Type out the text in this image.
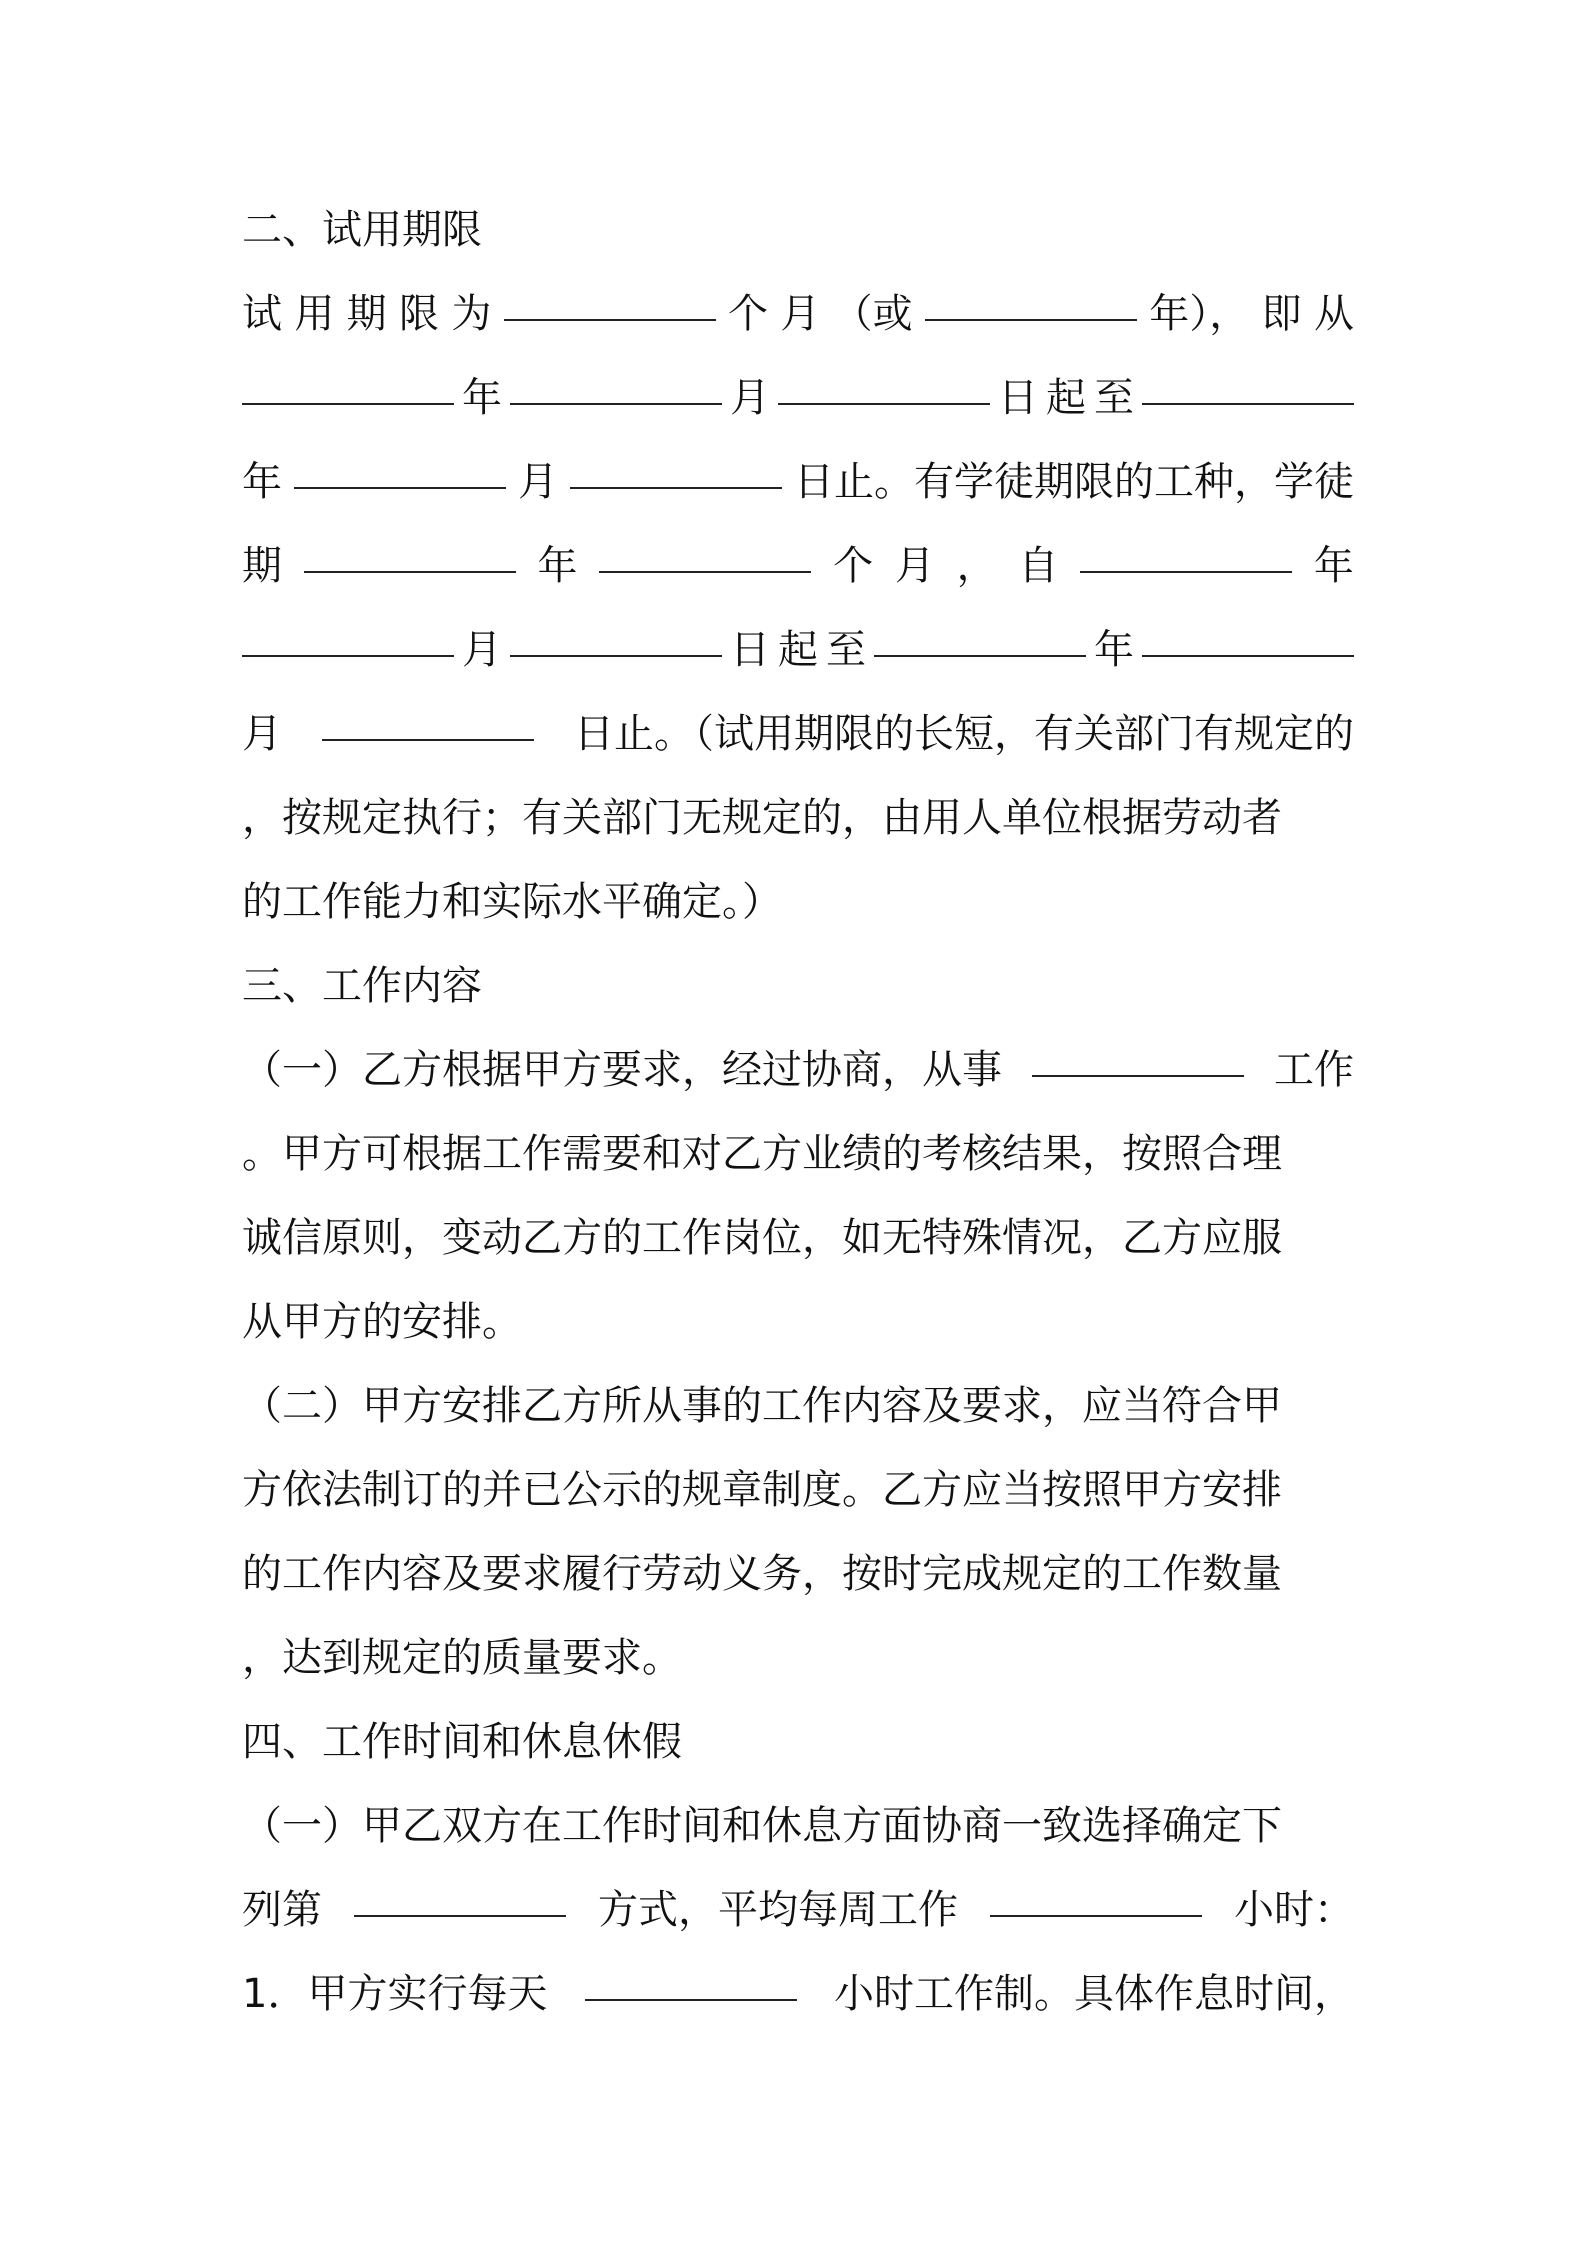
二、试用期限
试 用 期 限 为	个 月 （或	年）， 即 从
年	月	日 起 至
年	月	日止。有学徒期限的工种，学徒
期	年	个 月 ， 自	年
月	日 起 至	年
月	日止。（试用期限的长短，有关部门有规定的
，按规定执行；有关部门无规定的，由用人单位根据劳动者
的工作能力和实际水平确定。）
三、工作内容
（一）乙方根据甲方要求，经过协商，从事	工作
。甲方可根据工作需要和对乙方业绩的考核结果，按照合理
诚信原则，变动乙方的工作岗位，如无特殊情况，乙方应服
从甲方的安排。
（二）甲方安排乙方所从事的工作内容及要求，应当符合甲
方依法制订的并已公示的规章制度。乙方应当按照甲方安排
的工作内容及要求履行劳动义务，按时完成规定的工作数量
，达到规定的质量要求。
四、工作时间和休息休假
（一）甲乙双方在工作时间和休息方面协商一致选择确定下
列第	方式，平均每周工作	小时：
1．甲方实行每天	小时工作制。具体作息时间，
